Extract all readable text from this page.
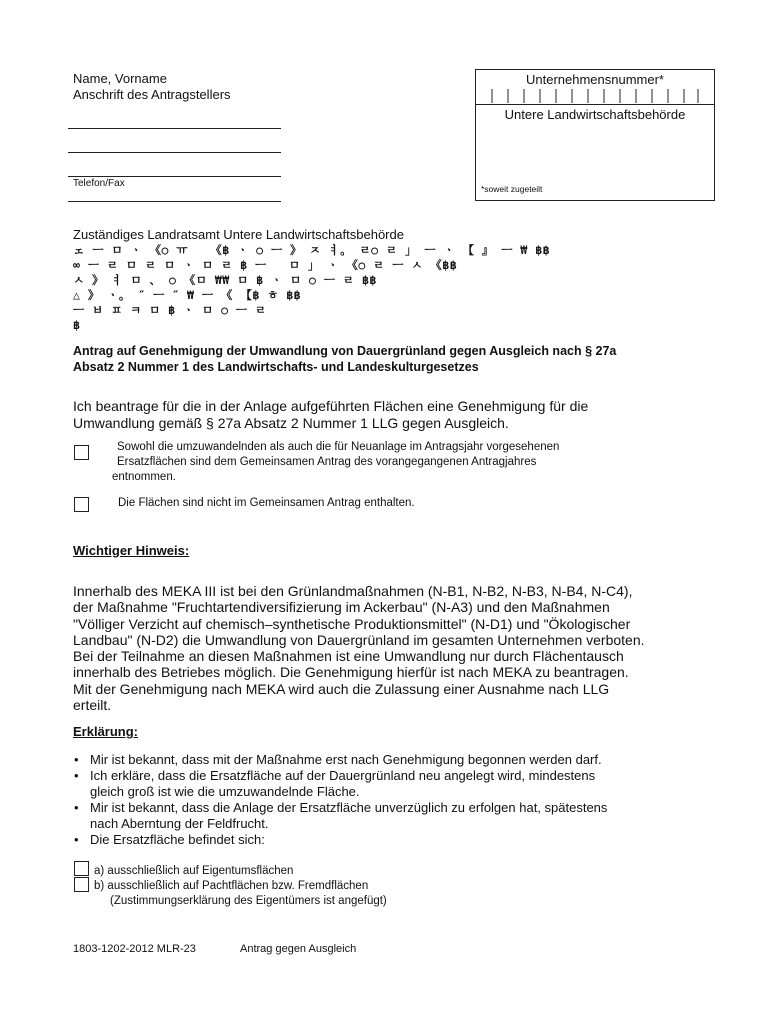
Name, Vorname
Anschrift des Antragstellers
Telefon/Fax
Unternehmensnummer*
Untere Landwirtschaftsbehörde
*soweit zugeteilt
Zuständiges Landratsamt Untere Landwirtschaftsbehörde
ェ ㅡ ㅁ ㆍ 《○ ㅠ   《฿ ㆍ ○ ㅡ 》 ㅈ ㅕ。 ㄹ○ ㄹ 」 ㅡ ㆍ 【 』 ㅡ ₩ ฿฿
∞ ㅡ ㄹ ㅁ ㄹ ㅁ ㆍ ㅁ ㄹ ฿ ㅡ   ㅁ 」 ㆍ 《○ ㄹ ㅡ ㅅ 《฿฿
ㅅ 》 ㅕ ㅁ 、 ○ 《ㅁ ₩₩ ㅁ ฿ ㆍ ㅁ ○ ㅡ ㄹ ฿฿
△ 》 ㆍ。 ″ ㅡ ″ ₩ ㅡ 《 【฿ ㅎ ฿฿
ㅡ ㅂ ㅍ ㅋ ㅁ ฿ ㆍ ㅁ ○ ㅡ ㄹ
฿
Antrag auf Genehmigung der Umwandlung von Dauergrünland gegen Ausgleich nach § 27a
Absatz 2 Nummer 1 des Landwirtschafts- und Landeskulturgesetzes
Ich beantrage für die in der Anlage aufgeführten Flächen eine Genehmigung für die
Umwandlung gemäß § 27a Absatz 2 Nummer 1 LLG gegen Ausgleich.
Sowohl die umzuwandelnden als auch die für Neuanlage im Antragsjahr vorgesehenen
Ersatzflächen sind dem Gemeinsamen Antrag des vorangegangenen Antragjahres
entnommen.
Die Flächen sind nicht im Gemeinsamen Antrag enthalten.
Wichtiger Hinweis:
Innerhalb des MEKA III ist bei den Grünlandmaßnahmen (N-B1, N-B2, N-B3, N-B4, N-C4),
der Maßnahme "Fruchtartendiversifizierung im Ackerbau" (N-A3) und den Maßnahmen
"Völliger Verzicht auf chemisch–synthetische Produktionsmittel" (N-D1) und "Ökologischer
Landbau" (N-D2) die Umwandlung von Dauergrünland im gesamten Unternehmen verboten.
Bei der Teilnahme an diesen Maßnahmen ist eine Umwandlung nur durch Flächentausch
innerhalb des Betriebes möglich. Die Genehmigung hierfür ist nach MEKA zu beantragen.
Mit der Genehmigung nach MEKA wird auch die Zulassung einer Ausnahme nach LLG
erteilt.
Erklärung:
• Mir ist bekannt, dass mit der Maßnahme erst nach Genehmigung begonnen werden darf.
• Ich erkläre, dass die Ersatzfläche auf der Dauergrünland neu angelegt wird, mindestens
gleich groß ist wie die umzuwandelnde Fläche.
• Mir ist bekannt, dass die Anlage der Ersatzfläche unverzüglich zu erfolgen hat, spätestens
nach Aberntung der Feldfrucht.
• Die Ersatzfläche befindet sich:
a) ausschließlich auf Eigentumsflächen
b) ausschließlich auf Pachtflächen bzw. Fremdflächen
(Zustimmungserklärung des Eigentümers ist angefügt)
1803-1202-2012 MLR-23	Antrag gegen Ausgleich
